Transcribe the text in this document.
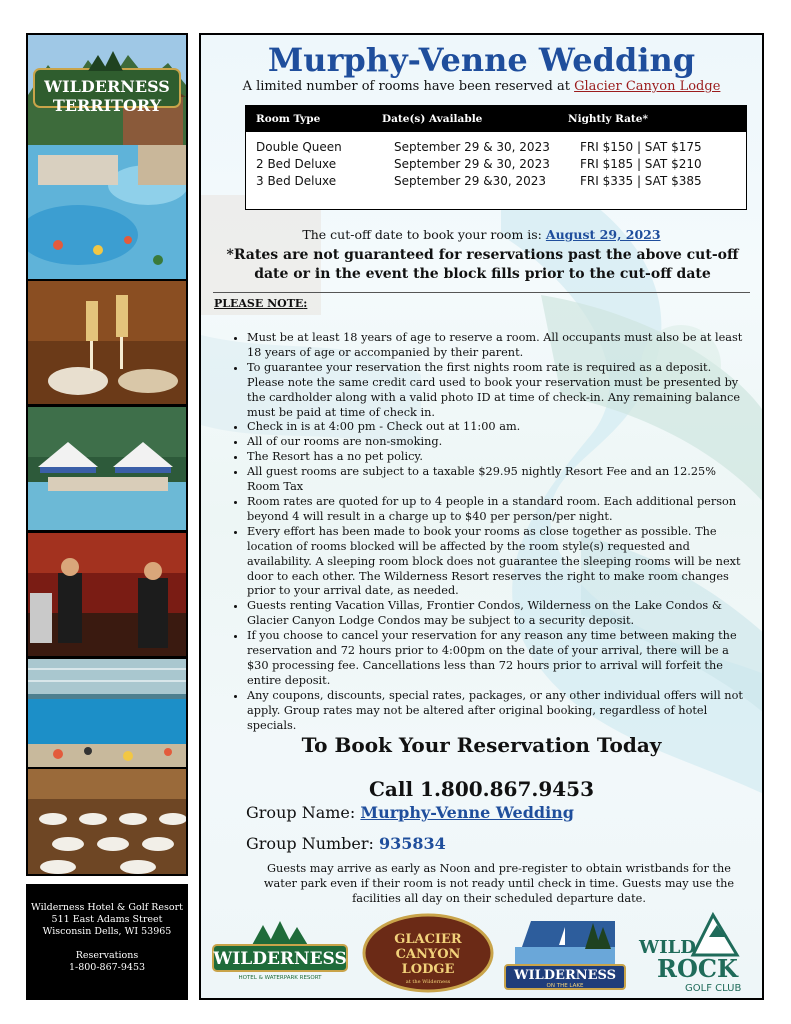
WILDERNESS TERRITORY
Wilderness Hotel & Golf Resort
511 East Adams Street
Wisconsin Dells, WI 53965
Reservations
1-800-867-9453
Murphy-Venne Wedding
A limited number of rooms have been reserved at Glacier Canyon Lodge
Room Type	Date(s) Available	Nightly Rate*
Double Queen	September 29 & 30, 2023	FRI $150 | SAT $175
2 Bed Deluxe	September 29 & 30, 2023	FRI $185 | SAT $210
3 Bed Deluxe	September 29 &30, 2023	FRI $335 | SAT $385
The cut-off date to book your room is: August 29, 2023
*Rates are not guaranteed for reservations past the above cut-off date or in the event the block fills prior to the cut-off date
PLEASE NOTE:
• Must be at least 18 years of age to reserve a room. All occupants must also be at least 18 years of age or accompanied by their parent.
• To guarantee your reservation the first nights room rate is required as a deposit. Please note the same credit card used to book your reservation must be presented by the cardholder along with a valid photo ID at time of check-in. Any remaining balance must be paid at time of check in.
• Check in is at 4:00 pm - Check out at 11:00 am.
• All of our rooms are non-smoking.
• The Resort has a no pet policy.
• All guest rooms are subject to a taxable $29.95 nightly Resort Fee and an 12.25% Room Tax
• Room rates are quoted for up to 4 people in a standard room. Each additional person beyond 4 will result in a charge up to $40 per person/per night.
• Every effort has been made to book your rooms as close together as possible. The location of rooms blocked will be affected by the room style(s) requested and availability. A sleeping room block does not guarantee the sleeping rooms will be next door to each other. The Wilderness Resort reserves the right to make room changes prior to your arrival date, as needed.
• Guests renting Vacation Villas, Frontier Condos, Wilderness on the Lake Condos & Glacier Canyon Lodge Condos may be subject to a security deposit.
• If you choose to cancel your reservation for any reason any time between making the reservation and 72 hours prior to 4:00pm on the date of your arrival, there will be a $30 processing fee. Cancellations less than 72 hours prior to arrival will forfeit the entire deposit.
• Any coupons, discounts, special rates, packages, or any other individual offers will not apply. Group rates may not be altered after original booking, regardless of hotel specials.
To Book Your Reservation Today
Call 1.800.867.9453
Group Name: Murphy-Venne Wedding
Group Number: 935834
Guests may arrive as early as Noon and pre-register to obtain wristbands for the water park even if their room is not ready until check in time. Guests may use the facilities all day on their scheduled departure date.
WILDERNESS
HOTEL & WATERPARK RESORT
GLACIER
CANYON
LODGE
at the Wilderness	WILDERNESS
ON THE LAKE
WILD
ROCK
GOLF CLUB
